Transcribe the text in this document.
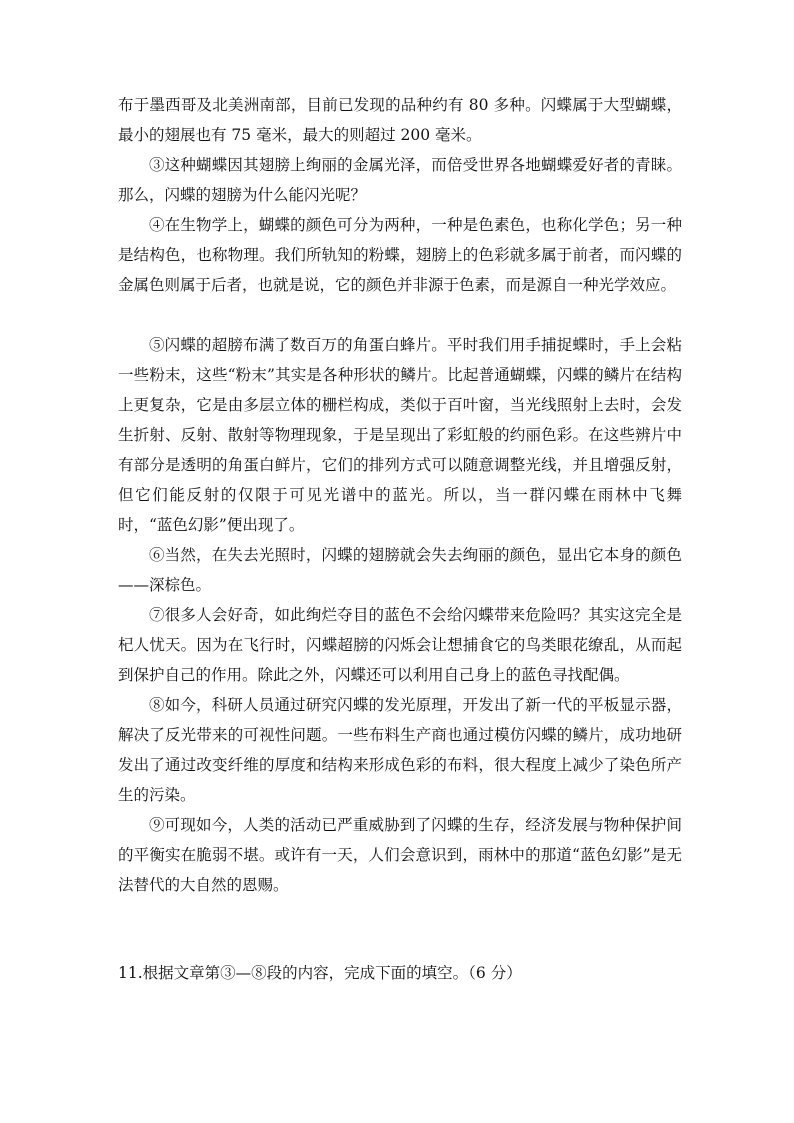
布于墨西哥及北美洲南部，目前已发现的品种约有 80 多种。闪蝶属于大型蝴蝶，最小的翅展也有 75 毫米，最大的则超过 200 毫米。

③这种蝴蝶因其翅膀上绚丽的金属光泽，而倍受世界各地蝴蝶爱好者的青睐。那么，闪蝶的翅膀为什么能闪光呢？

④在生物学上，蝴蝶的颜色可分为两种，一种是色素色，也称化学色；另一种是结构色，也称物理。我们所轨知的粉蝶，翅膀上的色彩就多属于前者，而闪蝶的金属色则属于后者，也就是说，它的颜色并非源于色素，而是源自一种光学效应。

⑤闪蝶的超膀布满了数百万的角蛋白蜂片。平时我们用手捕捉蝶时，手上会粘一些粉末，这些“粉末”其实是各种形状的鳞片。比起普通蝴蝶，闪蝶的鳞片在结构上更复杂，它是由多层立体的栅栏构成，类似于百叶窗，当光线照射上去时，会发生折射、反射、散射等物理现象，于是呈现出了彩虹般的约丽色彩。在这些辨片中有部分是透明的角蛋白鲜片，它们的排列方式可以随意调整光线，并且增强反射，但它们能反射的仅限于可见光谱中的蓝光。所以，当一群闪蝶在雨林中飞舞时，“蓝色幻影”便出现了。

⑥当然，在失去光照时，闪蝶的翅膀就会失去绚丽的颜色，显出它本身的颜色——深棕色。

⑦很多人会好奇，如此绚烂夺目的蓝色不会给闪蝶带来危险吗？其实这完全是杞人忧天。因为在飞行时，闪蝶超膀的闪烁会让想捕食它的鸟类眼花缭乱，从而起到保护自己的作用。除此之外，闪蝶还可以利用自己身上的蓝色寻找配偶。

⑧如今，科研人员通过研究闪蝶的发光原理，开发出了新一代的平板显示器，解决了反光带来的可视性问题。一些布料生产商也通过模仿闪蝶的鳞片，成功地研发出了通过改变纤维的厚度和结构来形成色彩的布料，很大程度上减少了染色所产生的污染。

⑨可现如今，人类的活动已严重威胁到了闪蝶的生存，经济发展与物种保护间的平衡实在脆弱不堪。或许有一天，人们会意识到，雨林中的那道“蓝色幻影”是无法替代的大自然的恩赐。

11.根据文章第③—⑧段的内容，完成下面的填空。（6 分）
